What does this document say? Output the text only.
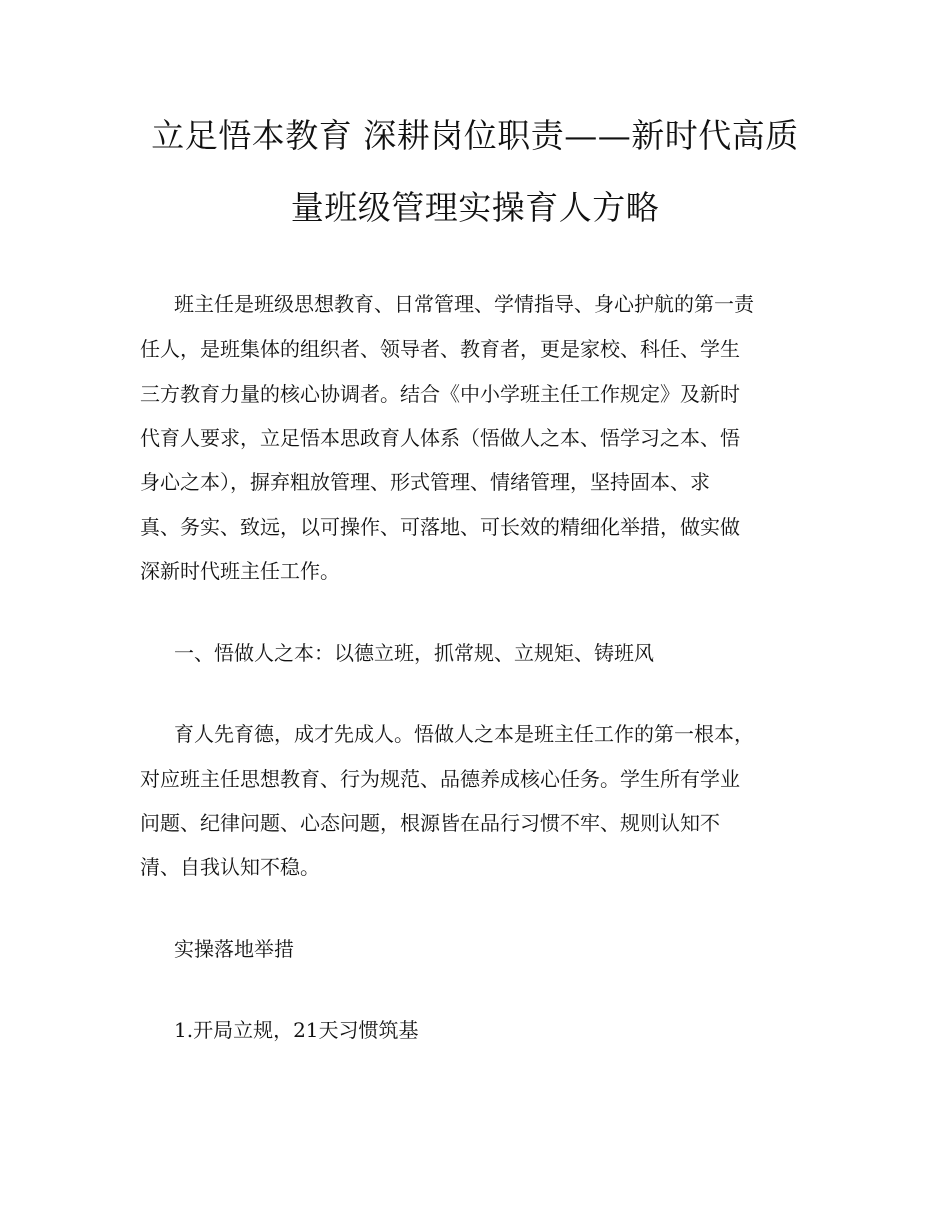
立足悟本教育 深耕岗位职责——新时代高质
量班级管理实操育人方略

班主任是班级思想教育、日常管理、学情指导、身心护航的第一责

任人，是班集体的组织者、领导者、教育者，更是家校、科任、学生

三方教育力量的核心协调者。结合《中小学班主任工作规定》及新时

代育人要求，立足悟本思政育人体系（悟做人之本、悟学习之本、悟

身心之本），摒弃粗放管理、形式管理、情绪管理，坚持固本、求

真、务实、致远，以可操作、可落地、可长效的精细化举措，做实做

深新时代班主任工作。

一、悟做人之本：以德立班，抓常规、立规矩、铸班风

育人先育德，成才先成人。悟做人之本是班主任工作的第一根本，

对应班主任思想教育、行为规范、品德养成核心任务。学生所有学业

问题、纪律问题、心态问题，根源皆在品行习惯不牢、规则认知不

清、自我认知不稳。

实操落地举措

1.开局立规，21天习惯筑基
